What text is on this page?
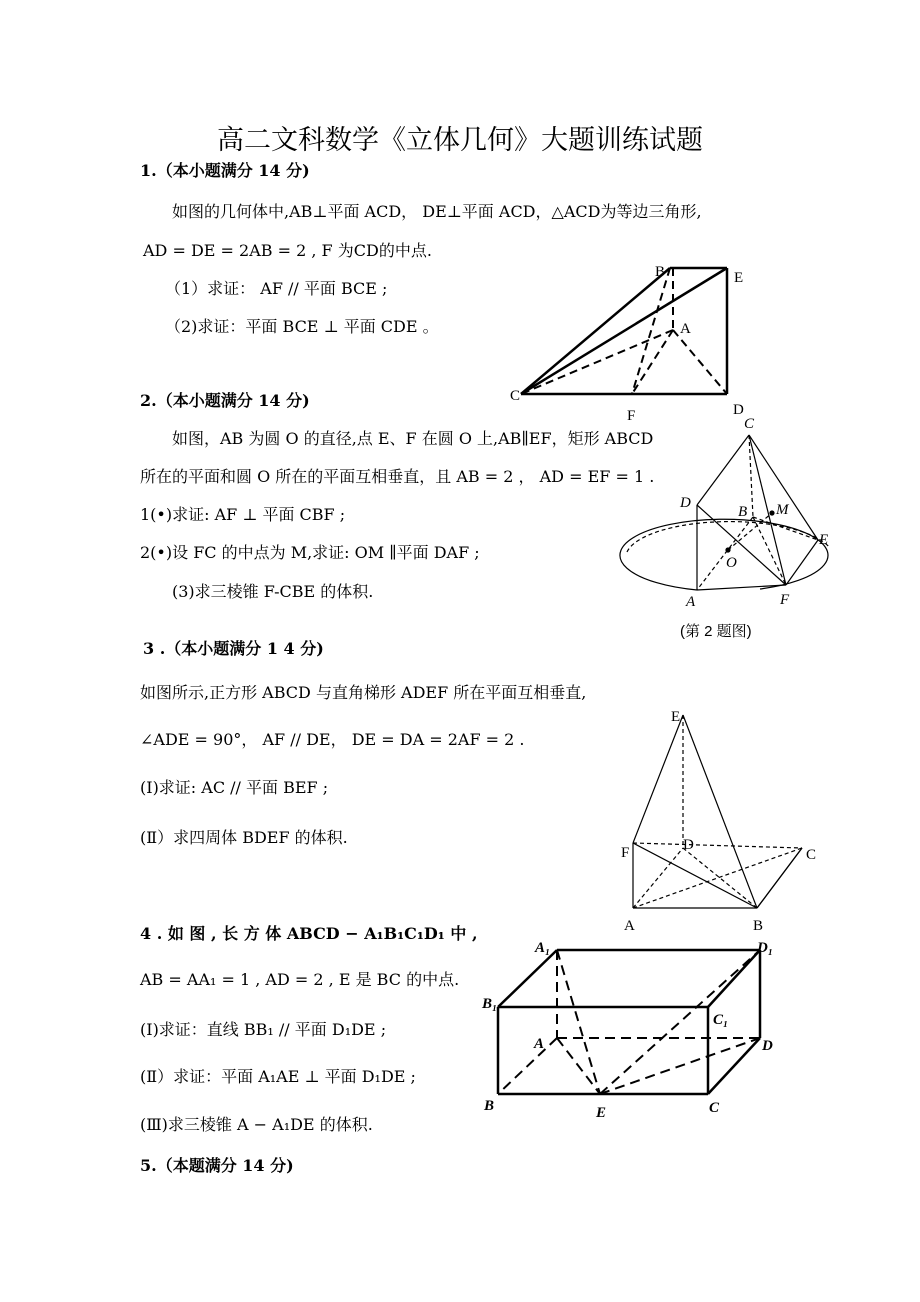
高二文科数学《立体几何》大题训练试题
1.（本小题满分 14 分)
如图的几何体中,AB⊥平面 ACD， DE⊥平面 ACD，△ACD为等边三角形,
AD = DE = 2AB = 2 , F 为CD的中点.
（1）求证： AF // 平面 BCE ;
（2)求证：平面 BCE ⊥ 平面 CDE 。
2.（本小题满分 14 分)
如图，AB 为圆 O 的直径,点 E、F 在圆 O 上,AB∥EF，矩形 ABCD
所在的平面和圆 O 所在的平面互相垂直，且 AB = 2 ， AD = EF = 1 .
1(•)求证: AF ⊥ 平面 CBF ;
2(•)设 FC 的中点为 M,求证: OM ∥平面 DAF ;
(3)求三棱锥 F-CBE 的体积.
(第 2 题图)
3 .（本小题满分 1 4 分)
如图所示,正方形 ABCD 与直角梯形 ADEF 所在平面互相垂直,
∠ADE = 90°， AF // DE， DE = DA = 2AF = 2 .
(I)求证: AC // 平面 BEF ;
(Ⅱ）求四周体 BDEF 的体积.
4 . 如 图 , 长 方 体 ABCD − A₁B₁C₁D₁ 中 ,
AB = AA₁ = 1 , AD = 2 , E 是 BC 的中点.
(Ⅰ)求证：直线 BB₁ // 平面 D₁DE ;
(Ⅱ）求证：平面 A₁AE ⊥ 平面 D₁DE ;
(Ⅲ)求三棱锥 A − A₁DE 的体积.
5.（本题满分 14 分)
B	E
A
C
F	D
C
D
B M
E
O
A	F
E
F	D
C
A	B
A₁	D₁
B₁
C₁
A	D
B	C
E
